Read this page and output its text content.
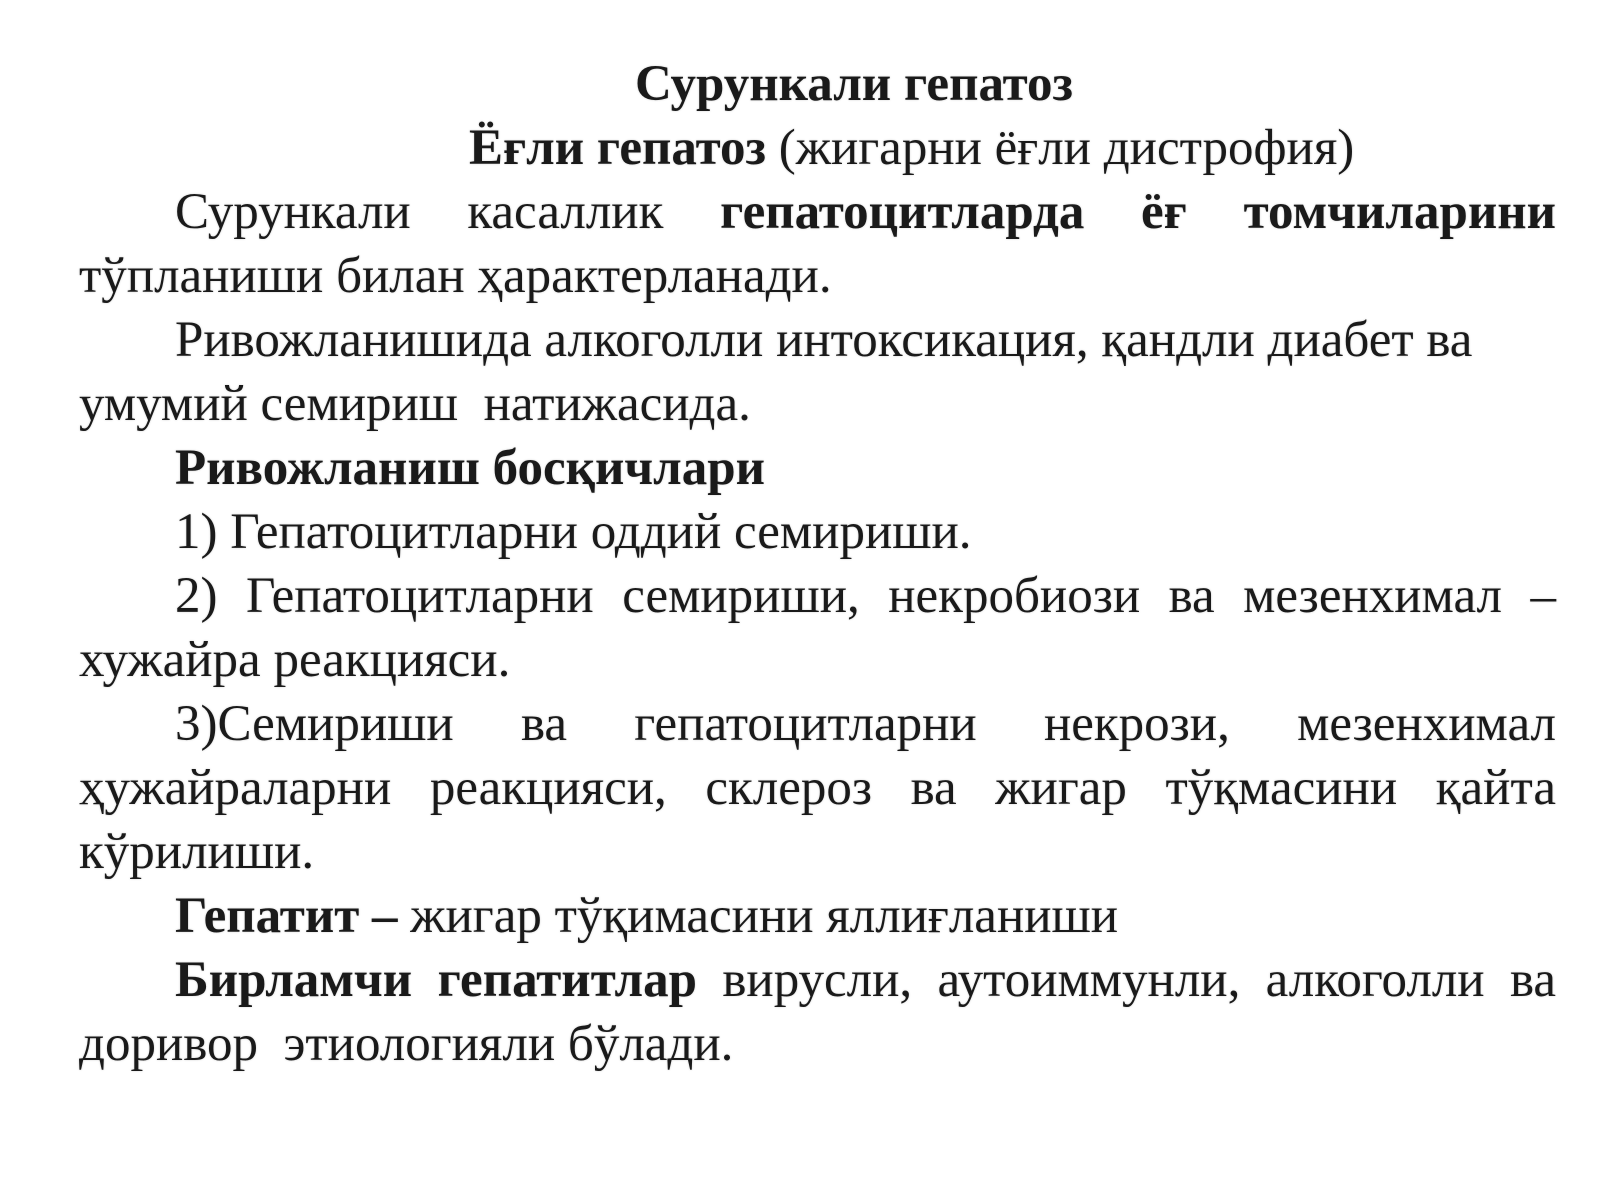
Сурункали гепатоз
Ёғли гепатоз (жигарни ёғли дистрофия)

Сурункали касаллик гепатоцитларда ёғ томчиларини тўпланиши билан ҳарактерланади.

Ривожланишида алкоголли интоксикация, қандли диабет ва умумий семириш  натижасида.

Ривожланиш босқичлари

1) Гепатоцитларни оддий семириши.

2) Гепатоцитларни семириши, некробиози ва мезенхимал – хужайра реакцияси.

3)Семириши ва гепатоцитларни некрози, мезенхимал ҳужайраларни реакцияси, склероз ва жигар тўқмасини қайта кўрилиши.

Гепатит – жигар тўқимасини яллиғланиши

Бирламчи гепатитлар вирусли, аутоиммунли, алкоголли ва  доривор  этиологияли бўлади.
